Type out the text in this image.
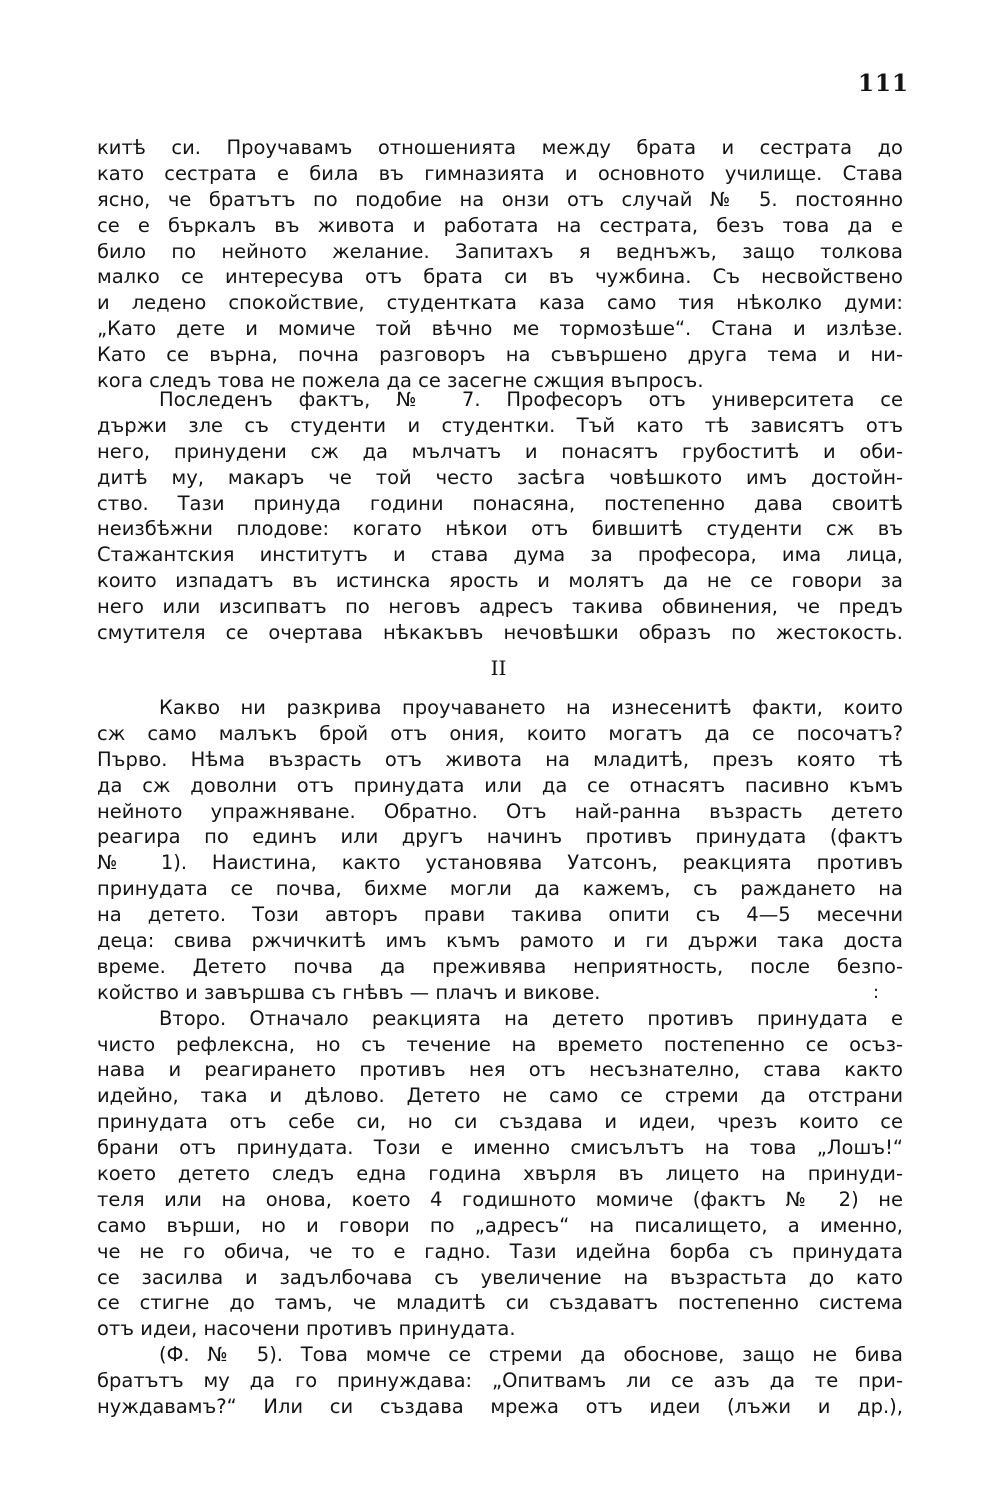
111
китѣ си. Проучавамъ отношенията между брата и сестрата до
като сестрата е била въ гимназията и основното училище. Става
ясно, че братътъ по подобие на онзи отъ случай № 5. постоянно
се е бъркалъ въ живота и работата на сестрата, безъ това да е
било по нейното желание. Запитахъ я веднъжъ, защо толкова
малко се интересува отъ брата си въ чужбина. Съ несвойствено
и ледено спокойствие, студентката каза само тия нѣколко думи:
„Като дете и момиче той вѣчно ме тормозѣше“. Стана и излѣзе.
Като се върна, почна разговоръ на съвършено друга тема и ни-
кога следъ това не пожела да се засегне сжщия въпросъ.
Последенъ фактъ, № 7. Професоръ отъ университета се
държи зле съ студенти и студентки. Тъй като тѣ зависятъ отъ
него, принудени сж да мълчатъ и понасятъ грубоститѣ и оби-
дитѣ му, макаръ че той често засѣга човѣшкото имъ достойн-
ство. Тази принуда години понасяна, постепенно дава своитѣ
неизбѣжни плодове: когато нѣкои отъ бившитѣ студенти сж въ
Стажантския институтъ и става дума за професора, има лица,
които изпадатъ въ истинска ярость и молятъ да не се говори за
него или изсипватъ по неговъ адресъ такива обвинения, че предъ
смутителя се очертава нѣкакъвъ нечовѣшки образъ по жестокость.
II
Какво ни разкрива проучаването на изнесенитѣ факти, които
сж само малъкъ брой отъ ония, които могатъ да се посочатъ?
Първо. Нѣма възрасть отъ живота на младитѣ, презъ която тѣ
да сж доволни отъ принудата или да се отнасятъ пасивно къмъ
нейното упражняване. Обратно. Отъ най-ранна възрасть детето
реагира по единъ или другъ начинъ противъ принудата (фактъ
№ 1). Наистина, както установява Уатсонъ, реакцията противъ
принудата се почва, бихме могли да кажемъ, съ раждането на
на детето. Този авторъ прави такива опити съ 4—5 месечни
деца: свива ржчичкитѣ имъ къмъ рамото и ги държи така доста
време. Детето почва да преживява неприятность, после безпо-
койство и завършва съ гнѣвъ — плачъ и викове.
Второ. Отначало реакцията на детето противъ принудата е
чисто рефлексна, но съ течение на времето постепенно се осъз-
нава и реагирането противъ нея отъ несъзнателно, става както
идейно, така и дѣлово. Детето не само се стреми да отстрани
принудата отъ себе си, но си създава и идеи, чрезъ които се
брани отъ принудата. Този е именно смисълътъ на това „Лошъ!“
което детето следъ една година хвърля въ лицето на принуди-
теля или на онова, което 4 годишното момиче (фактъ № 2) не
само върши, но и говори по „адресъ“ на писалището, а именно,
че не го обича, че то е гадно. Тази идейна борба съ принудата
се засилва и задълбочава съ увеличение на възрастьта до като
се стигне до тамъ, че младитѣ си създаватъ постепенно система
отъ идеи, насочени противъ принудата.
(Ф. № 5). Това момче се стреми да обоснове, защо не бива
братътъ му да го принуждава: „Опитвамъ ли се азъ да те при-
нуждавамъ?“ Или си създава мрежа отъ идеи (лъжи и др.),
:
